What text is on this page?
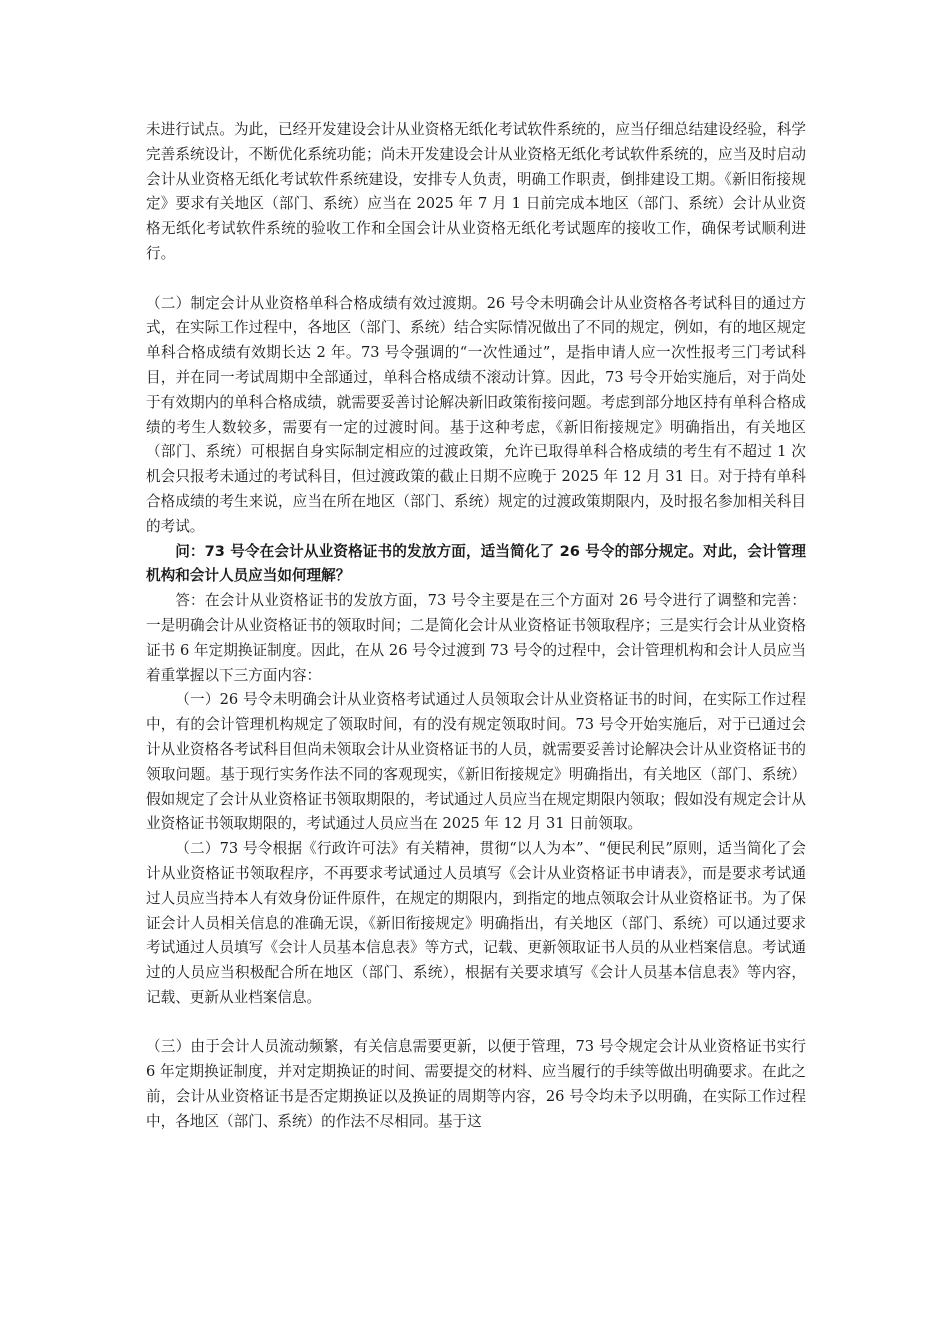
未进行试点。为此，已经开发建设会计从业资格无纸化考试软件系统的，应当仔细总结建设经验，科学完善系统设计，不断优化系统功能；尚未开发建设会计从业资格无纸化考试软件系统的，应当及时启动会计从业资格无纸化考试软件系统建设，安排专人负责，明确工作职责，倒排建设工期。《新旧衔接规定》要求有关地区（部门、系统）应当在 2025 年 7 月 1 日前完成本地区（部门、系统）会计从业资格无纸化考试软件系统的验收工作和全国会计从业资格无纸化考试题库的接收工作，确保考试顺利进行。

（二）制定会计从业资格单科合格成绩有效过渡期。26 号令未明确会计从业资格各考试科目的通过方式，在实际工作过程中，各地区（部门、系统）结合实际情况做出了不同的规定，例如，有的地区规定单科合格成绩有效期长达 2 年。73 号令强调的“一次性通过”，是指申请人应一次性报考三门考试科目，并在同一考试周期中全部通过，单科合格成绩不滚动计算。因此，73 号令开始实施后，对于尚处于有效期内的单科合格成绩，就需要妥善讨论解决新旧政策衔接问题。考虑到部分地区持有单科合格成绩的考生人数较多，需要有一定的过渡时间。基于这种考虑，《新旧衔接规定》明确指出，有关地区（部门、系统）可根据自身实际制定相应的过渡政策，允许已取得单科合格成绩的考生有不超过 1 次机会只报考未通过的考试科目，但过渡政策的截止日期不应晚于 2025 年 12 月 31 日。对于持有单科合格成绩的考生来说，应当在所在地区（部门、系统）规定的过渡政策期限内，及时报名参加相关科目的考试。

问：73 号令在会计从业资格证书的发放方面，适当简化了 26 号令的部分规定。对此，会计管理机构和会计人员应当如何理解？

答：在会计从业资格证书的发放方面，73 号令主要是在三个方面对 26 号令进行了调整和完善：一是明确会计从业资格证书的领取时间；二是简化会计从业资格证书领取程序；三是实行会计从业资格证书 6 年定期换证制度。因此，在从 26 号令过渡到 73 号令的过程中，会计管理机构和会计人员应当着重掌握以下三方面内容：

（一）26 号令未明确会计从业资格考试通过人员领取会计从业资格证书的时间，在实际工作过程中，有的会计管理机构规定了领取时间，有的没有规定领取时间。73 号令开始实施后，对于已通过会计从业资格各考试科目但尚未领取会计从业资格证书的人员，就需要妥善讨论解决会计从业资格证书的领取问题。基于现行实务作法不同的客观现实，《新旧衔接规定》明确指出，有关地区（部门、系统）假如规定了会计从业资格证书领取期限的，考试通过人员应当在规定期限内领取；假如没有规定会计从业资格证书领取期限的，考试通过人员应当在 2025 年 12 月 31 日前领取。

（二）73 号令根据《行政许可法》有关精神，贯彻“以人为本”、“便民利民”原则，适当简化了会计从业资格证书领取程序，不再要求考试通过人员填写《会计从业资格证书申请表》，而是要求考试通过人员应当持本人有效身份证件原件，在规定的期限内，到指定的地点领取会计从业资格证书。为了保证会计人员相关信息的准确无误，《新旧衔接规定》明确指出，有关地区（部门、系统）可以通过要求考试通过人员填写《会计人员基本信息表》等方式，记载、更新领取证书人员的从业档案信息。考试通过的人员应当积极配合所在地区（部门、系统），根据有关要求填写《会计人员基本信息表》等内容，记载、更新从业档案信息。

（三）由于会计人员流动频繁，有关信息需要更新，以便于管理，73 号令规定会计从业资格证书实行 6 年定期换证制度，并对定期换证的时间、需要提交的材料、应当履行的手续等做出明确要求。在此之前，会计从业资格证书是否定期换证以及换证的周期等内容，26 号令均未予以明确，在实际工作过程中，各地区（部门、系统）的作法不尽相同。基于这
